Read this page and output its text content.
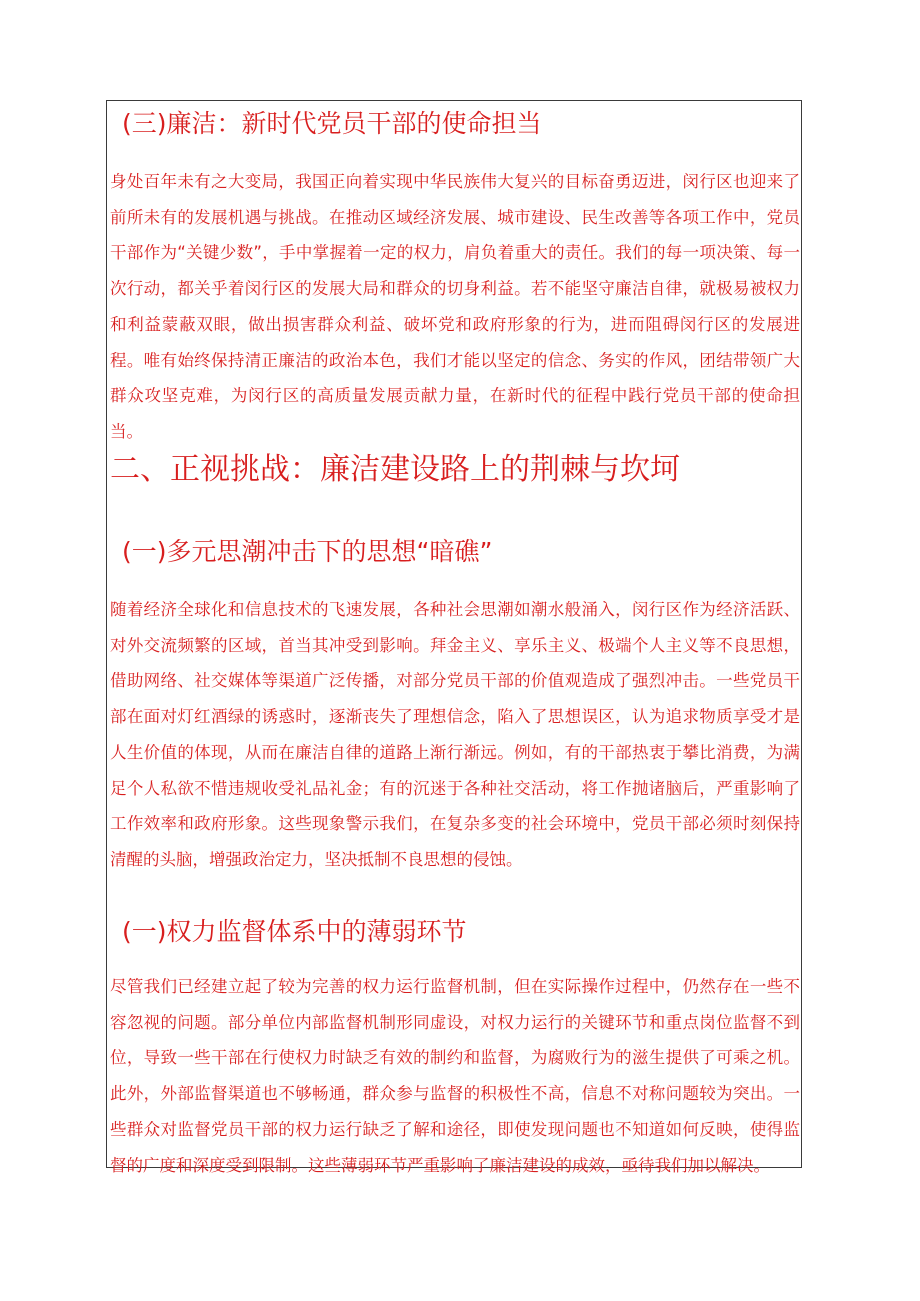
(三)廉洁：新时代党员干部的使命担当
身处百年未有之大变局，我国正向着实现中华民族伟大复兴的目标奋勇迈进，闵行区也迎来了前所未有的发展机遇与挑战。在推动区域经济发展、城市建设、民生改善等各项工作中，党员干部作为“关键少数”，手中掌握着一定的权力，肩负着重大的责任。我们的每一项决策、每一次行动，都关乎着闵行区的发展大局和群众的切身利益。若不能坚守廉洁自律，就极易被权力和利益蒙蔽双眼，做出损害群众利益、破坏党和政府形象的行为，进而阻碍闵行区的发展进程。唯有始终保持清正廉洁的政治本色，我们才能以坚定的信念、务实的作风，团结带领广大群众攻坚克难，为闵行区的高质量发展贡献力量，在新时代的征程中践行党员干部的使命担当。
二、正视挑战：廉洁建设路上的荆棘与坎坷
(一)多元思潮冲击下的思想“暗礁”
随着经济全球化和信息技术的飞速发展，各种社会思潮如潮水般涌入，闵行区作为经济活跃、对外交流频繁的区域，首当其冲受到影响。拜金主义、享乐主义、极端个人主义等不良思想，借助网络、社交媒体等渠道广泛传播，对部分党员干部的价值观造成了强烈冲击。一些党员干部在面对灯红酒绿的诱惑时，逐渐丧失了理想信念，陷入了思想误区，认为追求物质享受才是人生价值的体现，从而在廉洁自律的道路上渐行渐远。例如，有的干部热衷于攀比消费，为满足个人私欲不惜违规收受礼品礼金；有的沉迷于各种社交活动，将工作抛诸脑后，严重影响了工作效率和政府形象。这些现象警示我们，在复杂多变的社会环境中，党员干部必须时刻保持清醒的头脑，增强政治定力，坚决抵制不良思想的侵蚀。
(一)权力监督体系中的薄弱环节
尽管我们已经建立起了较为完善的权力运行监督机制，但在实际操作过程中，仍然存在一些不容忽视的问题。部分单位内部监督机制形同虚设，对权力运行的关键环节和重点岗位监督不到位，导致一些干部在行使权力时缺乏有效的制约和监督，为腐败行为的滋生提供了可乘之机。此外，外部监督渠道也不够畅通，群众参与监督的积极性不高，信息不对称问题较为突出。一些群众对监督党员干部的权力运行缺乏了解和途径，即使发现问题也不知道如何反映，使得监督的广度和深度受到限制。这些薄弱环节严重影响了廉洁建设的成效，亟待我们加以解决。
